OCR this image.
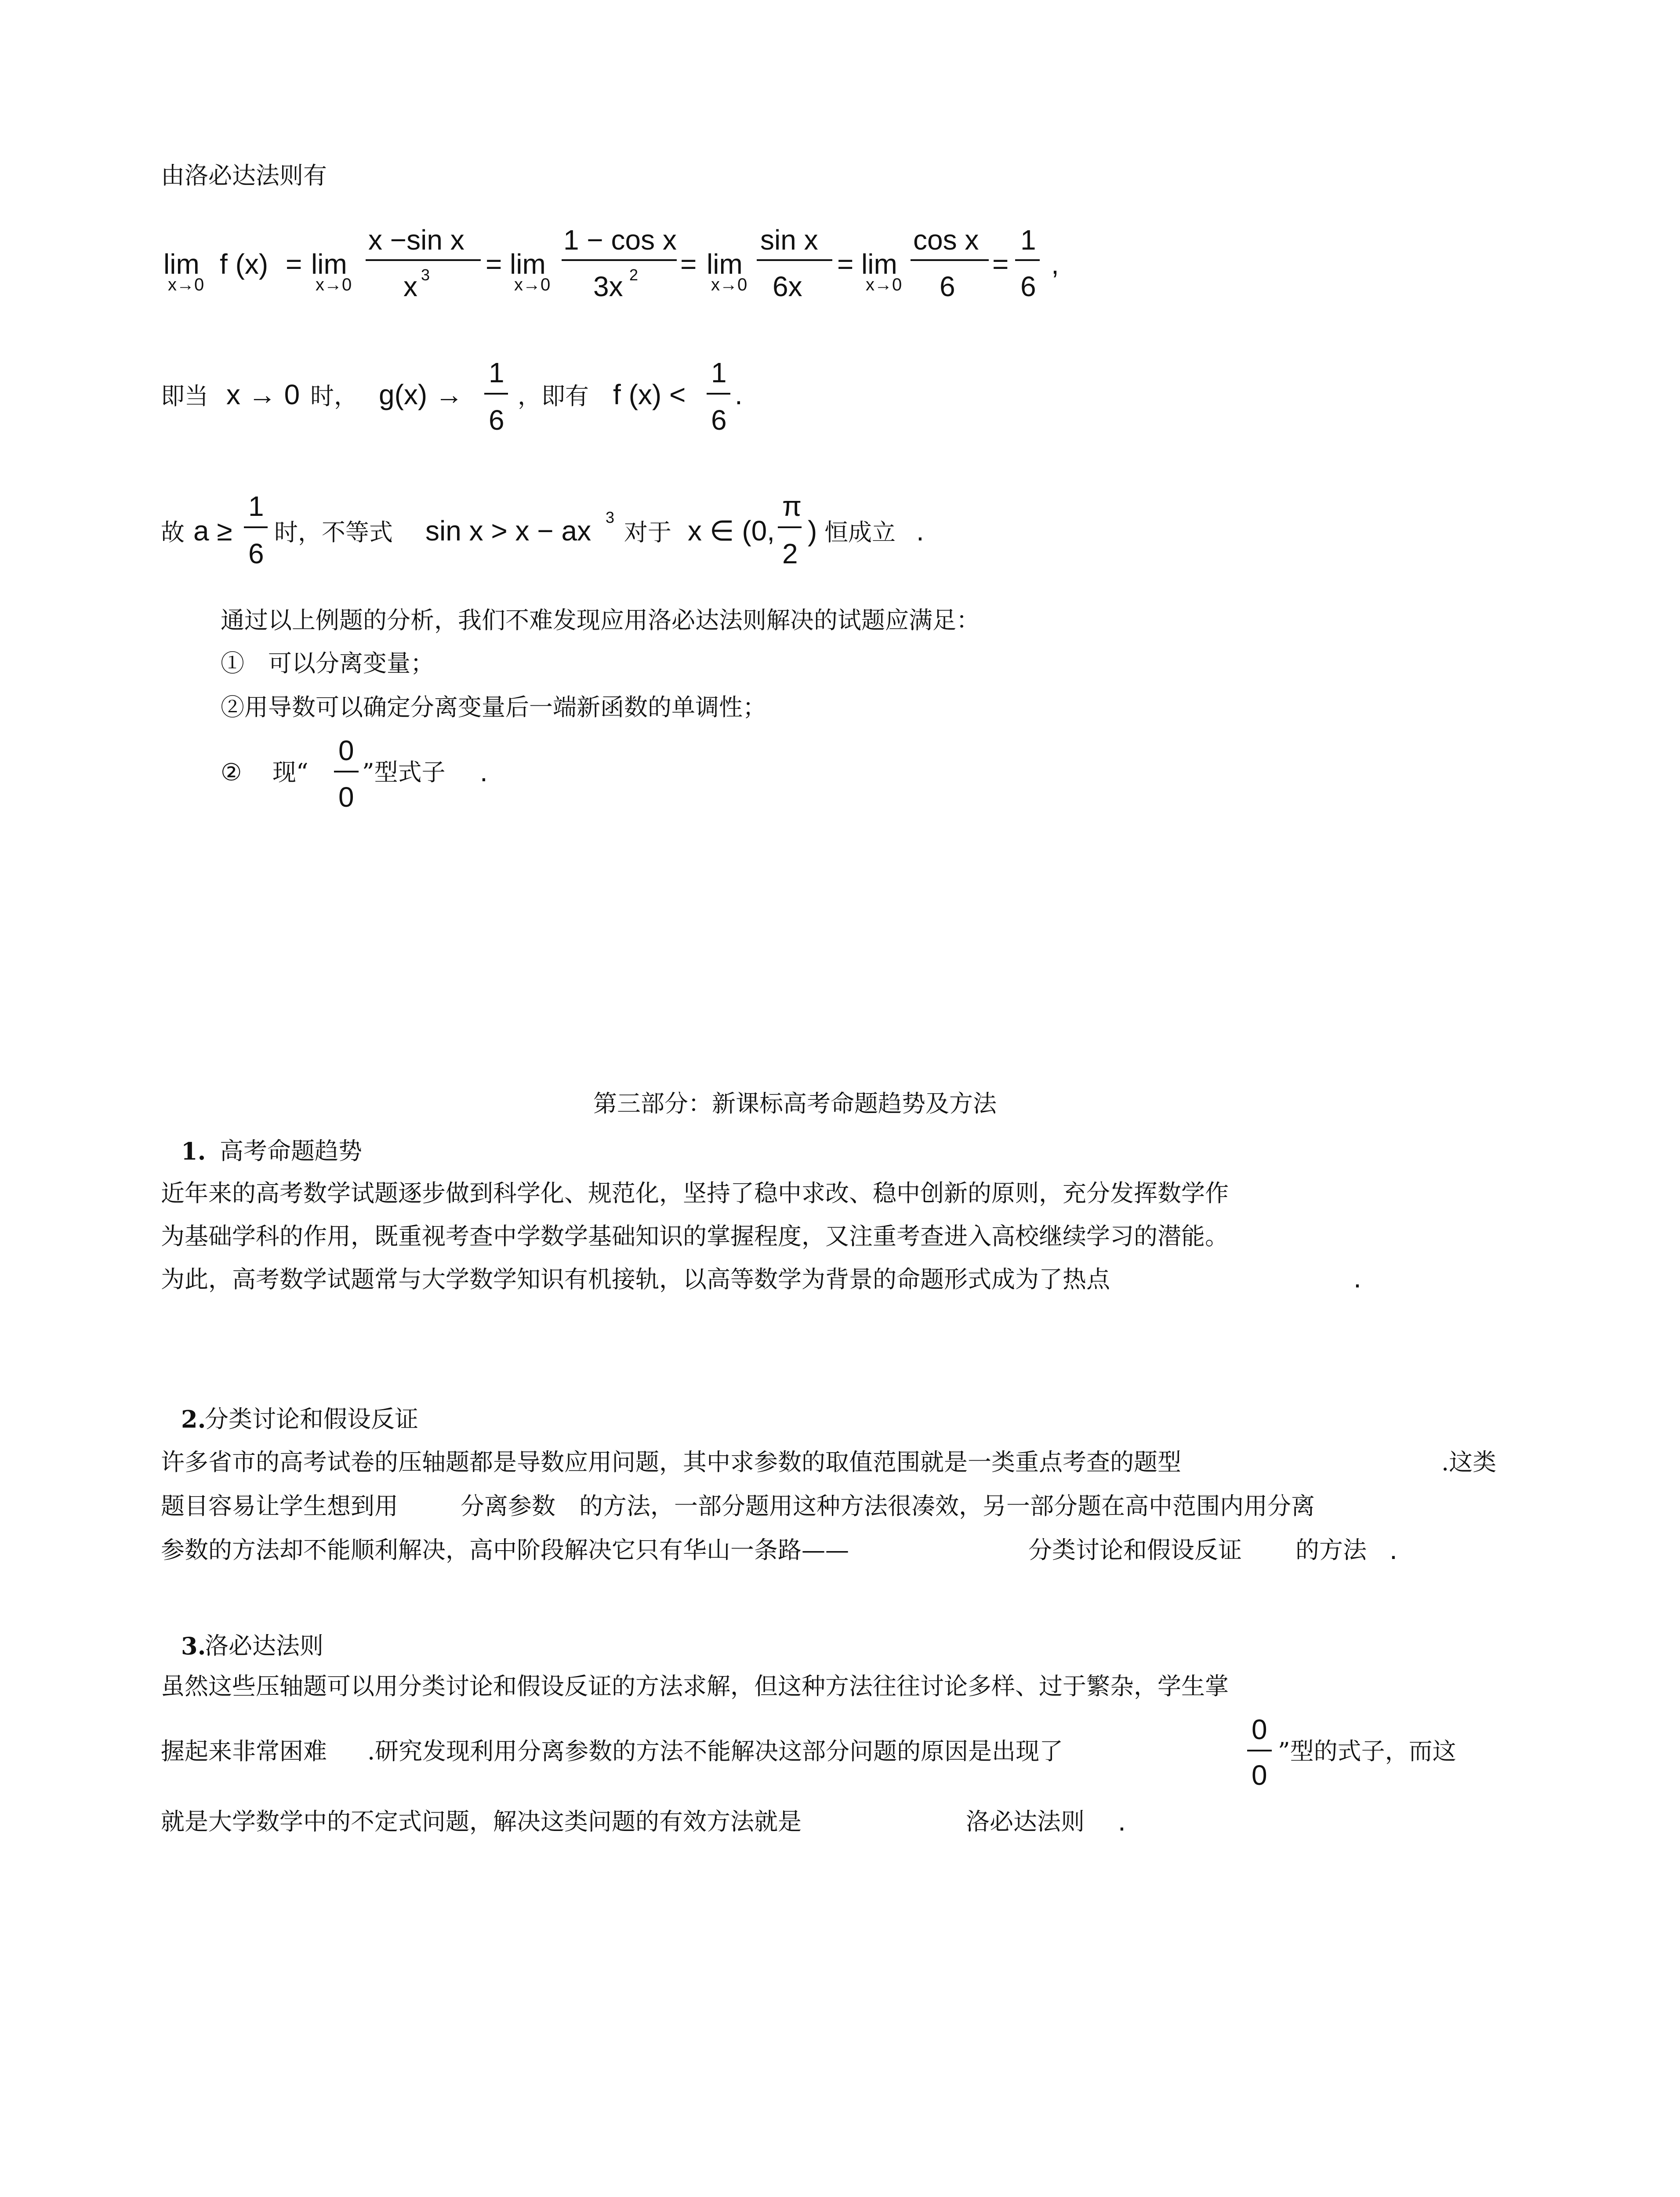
由洛必达法则有
lim
x→0
f (x) = lim
x→0
x −sin x
x 3 = lim
x→0
1 − cos x
3x 2 = lim
x→0
sin x
6x
= lim
x→0
cos x
6
=
1
6
,
即当 x → 0 时， g(x) →
1
6
，即有 f (x) <
1
6
.
故 a ≥
1
6
时，不等式 sin x > x − ax 3
对于 x ∈ (0,
π
2
) 恒成立 .
通过以上例题的分析，我们不难发现应用洛必达法则解决的试题应满足：
①　可以分离变量；
②用导数可以确定分离变量后一端新函数的单调性；
② 现“
0
0
”型式子 .
第三部分：新课标高考命题趋势及方法
1. 高考命题趋势
近年来的高考数学试题逐步做到科学化、规范化，坚持了稳中求改、稳中创新的原则，充分发挥数学作
为基础学科的作用，既重视考查中学数学基础知识的掌握程度，又注重考查进入高校继续学习的潜能。
为此，高考数学试题常与大学数学知识有机接轨，以高等数学为背景的命题形式成为了热点	.
2.
分类讨论和假设反证
许多省市的高考试卷的压轴题都是导数应用问题，其中求参数的取值范围就是一类重点考查的题型	.这类
题目容易让学生想到用	分离参数 的方法，一部分题用这种方法很凑效，另一部分题在高中范围内用分离
参数的方法却不能顺利解决，高中阶段解决它只有华山一条路——	分类讨论和假设反证 的方法 .
3.
洛必达法则
虽然这些压轴题可以用分类讨论和假设反证的方法求解，但这种方法往往讨论多样、过于繁杂，学生掌
握起来非常困难 .研究发现利用分离参数的方法不能解决这部分问题的原因是出现了
0
0
”型的式子，而这
就是大学数学中的不定式问题，解决这类问题的有效方法就是	洛必达法则 .
